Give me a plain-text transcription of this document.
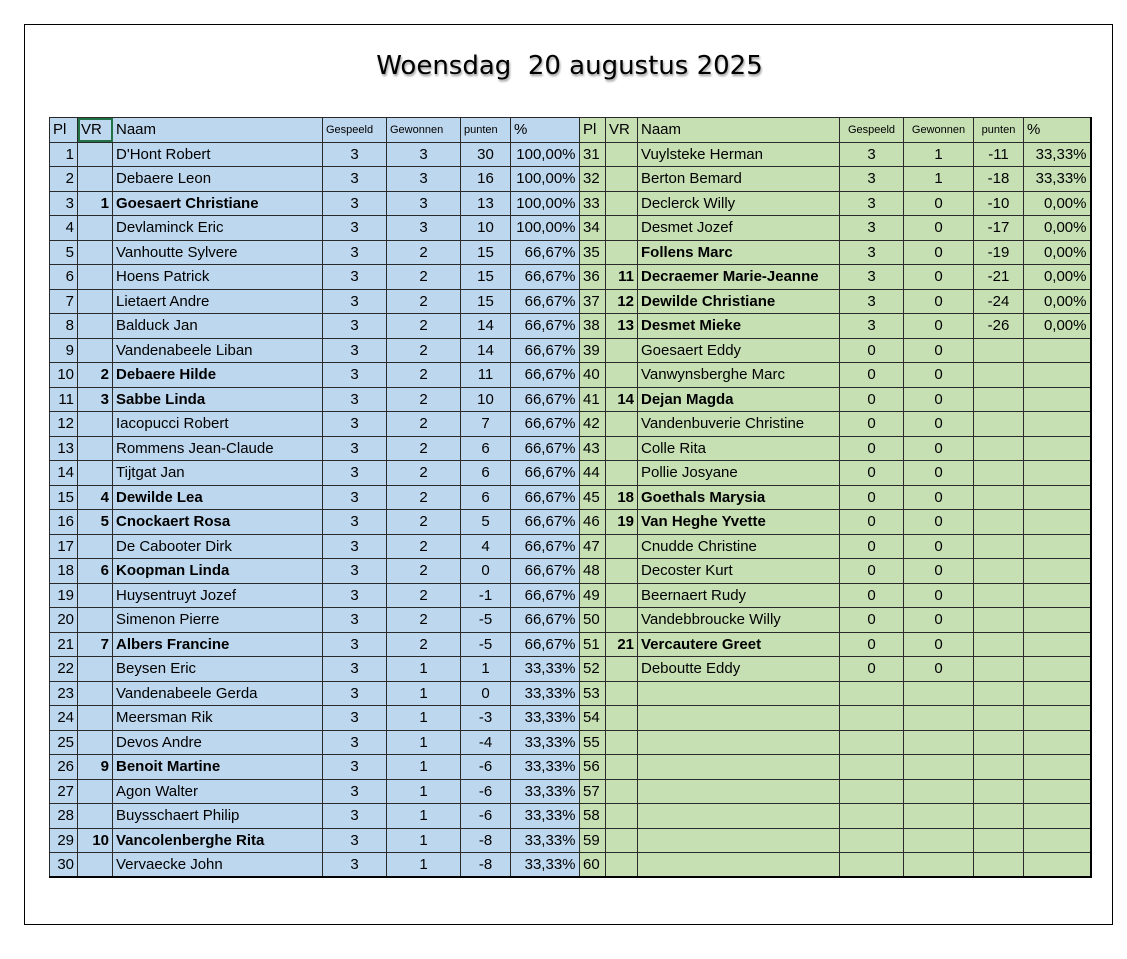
Woensdag  20 augustus 2025
Pl	VR	Naam	Gespeeld	Gewonnen	punten	%
1		D'Hont Robert	3	3	30	100,00%
2		Debaere Leon	3	3	16	100,00%
3	1	Goesaert Christiane	3	3	13	100,00%
4		Devlaminck Eric	3	3	10	100,00%
5		Vanhoutte Sylvere	3	2	15	66,67%
6		Hoens Patrick	3	2	15	66,67%
7		Lietaert Andre	3	2	15	66,67%
8		Balduck Jan	3	2	14	66,67%
9		Vandenabeele Liban	3	2	14	66,67%
10	2	Debaere Hilde	3	2	11	66,67%
11	3	Sabbe Linda	3	2	10	66,67%
12		Iacopucci Robert	3	2	7	66,67%
13		Rommens Jean-Claude	3	2	6	66,67%
14		Tijtgat Jan	3	2	6	66,67%
15	4	Dewilde Lea	3	2	6	66,67%
16	5	Cnockaert Rosa	3	2	5	66,67%
17		De Cabooter Dirk	3	2	4	66,67%
18	6	Koopman Linda	3	2	0	66,67%
19		Huysentruyt Jozef	3	2	-1	66,67%
20		Simenon Pierre	3	2	-5	66,67%
21	7	Albers Francine	3	2	-5	66,67%
22		Beysen Eric	3	1	1	33,33%
23		Vandenabeele Gerda	3	1	0	33,33%
24		Meersman Rik	3	1	-3	33,33%
25		Devos Andre	3	1	-4	33,33%
26	9	Benoit Martine	3	1	-6	33,33%
27		Agon Walter	3	1	-6	33,33%
28		Buysschaert Philip	3	1	-6	33,33%
29	10	Vancolenberghe Rita	3	1	-8	33,33%
30		Vervaecke John	3	1	-8	33,33%
Pl	VR	Naam	Gespeeld	Gewonnen	punten	%
31		Vuylsteke Herman	3	1	-11	33,33%
32		Berton Bemard	3	1	-18	33,33%
33		Declerck Willy	3	0	-10	0,00%
34		Desmet Jozef	3	0	-17	0,00%
35		Follens Marc	3	0	-19	0,00%
36	11	Decraemer Marie-Jeanne	3	0	-21	0,00%
37	12	Dewilde Christiane	3	0	-24	0,00%
38	13	Desmet Mieke	3	0	-26	0,00%
39		Goesaert Eddy	0	0		
40		Vanwynsberghe Marc	0	0		
41	14	Dejan Magda	0	0		
42		Vandenbuverie Christine	0	0		
43		Colle Rita	0	0		
44		Pollie Josyane	0	0		
45	18	Goethals Marysia	0	0		
46	19	Van Heghe Yvette	0	0		
47		Cnudde Christine	0	0		
48		Decoster Kurt	0	0		
49		Beernaert Rudy	0	0		
50		Vandebbroucke Willy	0	0		
51	21	Vercautere Greet	0	0		
52		Deboutte Eddy	0	0		
53						
54						
55						
56						
57						
58						
59						
60						
